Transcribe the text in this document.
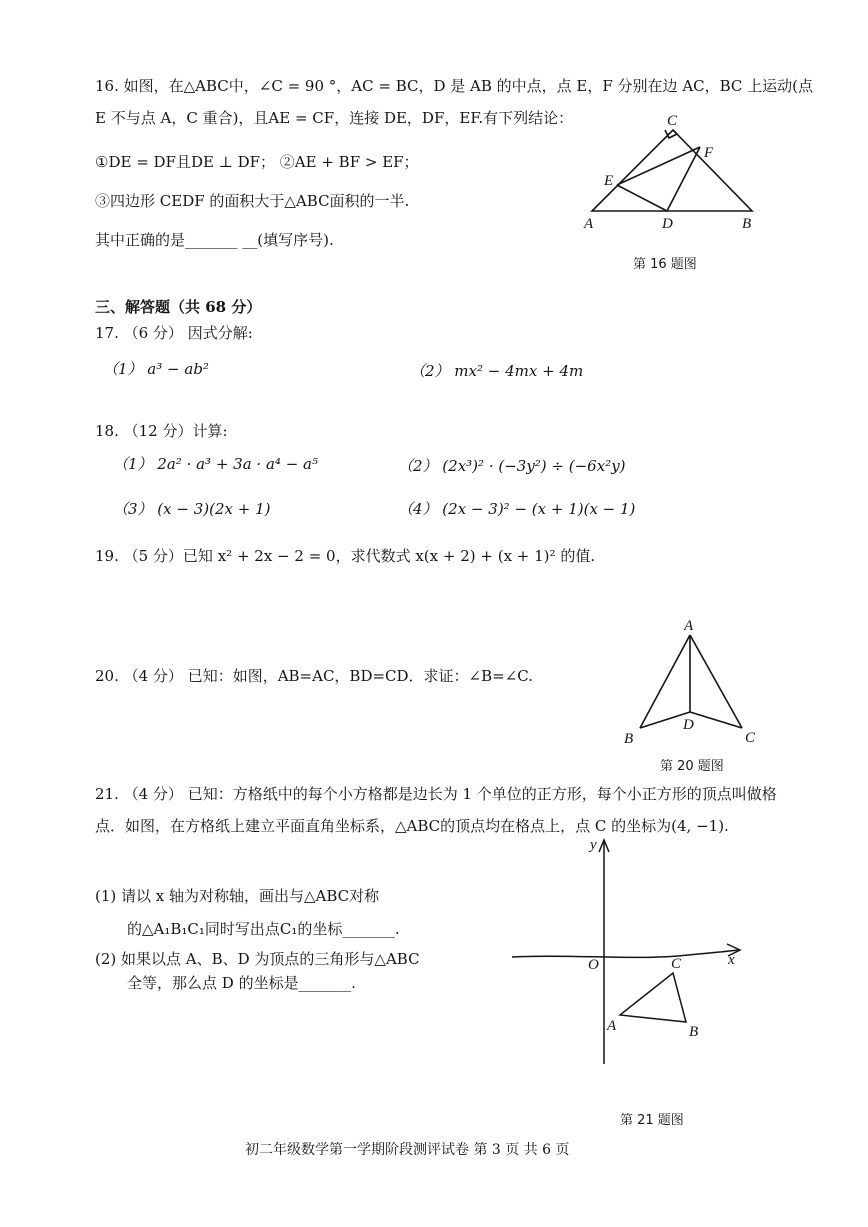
16. 如图，在△ABC中，∠C = 90 °，AC = BC，D 是 AB 的中点，点 E，F 分别在边 AC，BC 上运动(点
E 不与点 A，C 重合)，且AE = CF，连接 DE，DF，EF.有下列结论：
①DE = DF且DE ⊥ DF； ②AE + BF > EF；
③四边形 CEDF 的面积大于△ABC面积的一半.
其中正确的是_______ __(填写序号).
C
F
E
A	D	B
第 16 题图
三、解答题（共 68 分）
17. （6 分） 因式分解:
（1） a³ − ab²	（2） mx² − 4mx + 4m
18. （12 分）计算:
（1） 2a² · a³ + 3a · a⁴ − a⁵	（2） (2x³)² · (−3y²) ÷ (−6x²y)
（3） (x − 3)(2x + 1)	（4） (2x − 3)² − (x + 1)(x − 1)
19. （5 分）已知 x² + 2x − 2 = 0，求代数式 x(x + 2) + (x + 1)² 的值.
20. （4 分） 已知：如图，AB=AC，BD=CD．求证：∠B=∠C.
A
B
D
C
第 20 题图
21. （4 分） 已知：方格纸中的每个小方格都是边长为 1 个单位的正方形，每个小正方形的顶点叫做格
点．如图，在方格纸上建立平面直角坐标系，△ABC的顶点均在格点上，点 C 的坐标为(4, −1).
(1) 请以 x 轴为对称轴，画出与△ABC对称
的△A₁B₁C₁同时写出点C₁的坐标_______.
(2) 如果以点 A、B、D 为顶点的三角形与△ABC
全等，那么点 D 的坐标是_______.
y
x
O	C
A	B
第 21 题图
初二年级数学第一学期阶段测评试卷 第 3 页 共 6 页
